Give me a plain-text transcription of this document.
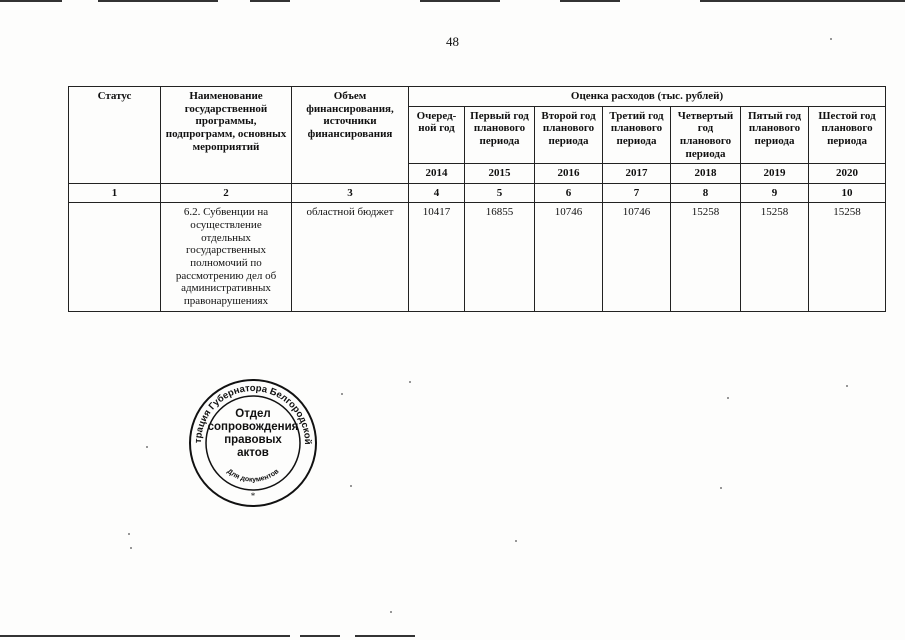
48
Статус	Наименование государственной программы, подпрограмм, основных мероприятий	Объем финансирования, источники финансирования	Оценка расходов (тыс. рублей)						
			Очеред-ной год	Первый год планового периода	Второй год планового периода	Третий год планового периода	Четвертый год планового периода	Пятый год планового периода	Шестой год планового периода
			2014	2015	2016	2017	2018	2019	2020
1	2	3	4	5	6	7	8	9	10
	6.2. Субвенции на осуществление отдельных государственных полномочий по рассмотрению дел об административных правонарушениях	областной бюджет	10417	16855	10746	10746	15258	15258	15258
трация Губернатора Белгородской
Для документов
Отдел
сопровождения
правовых
актов
*
